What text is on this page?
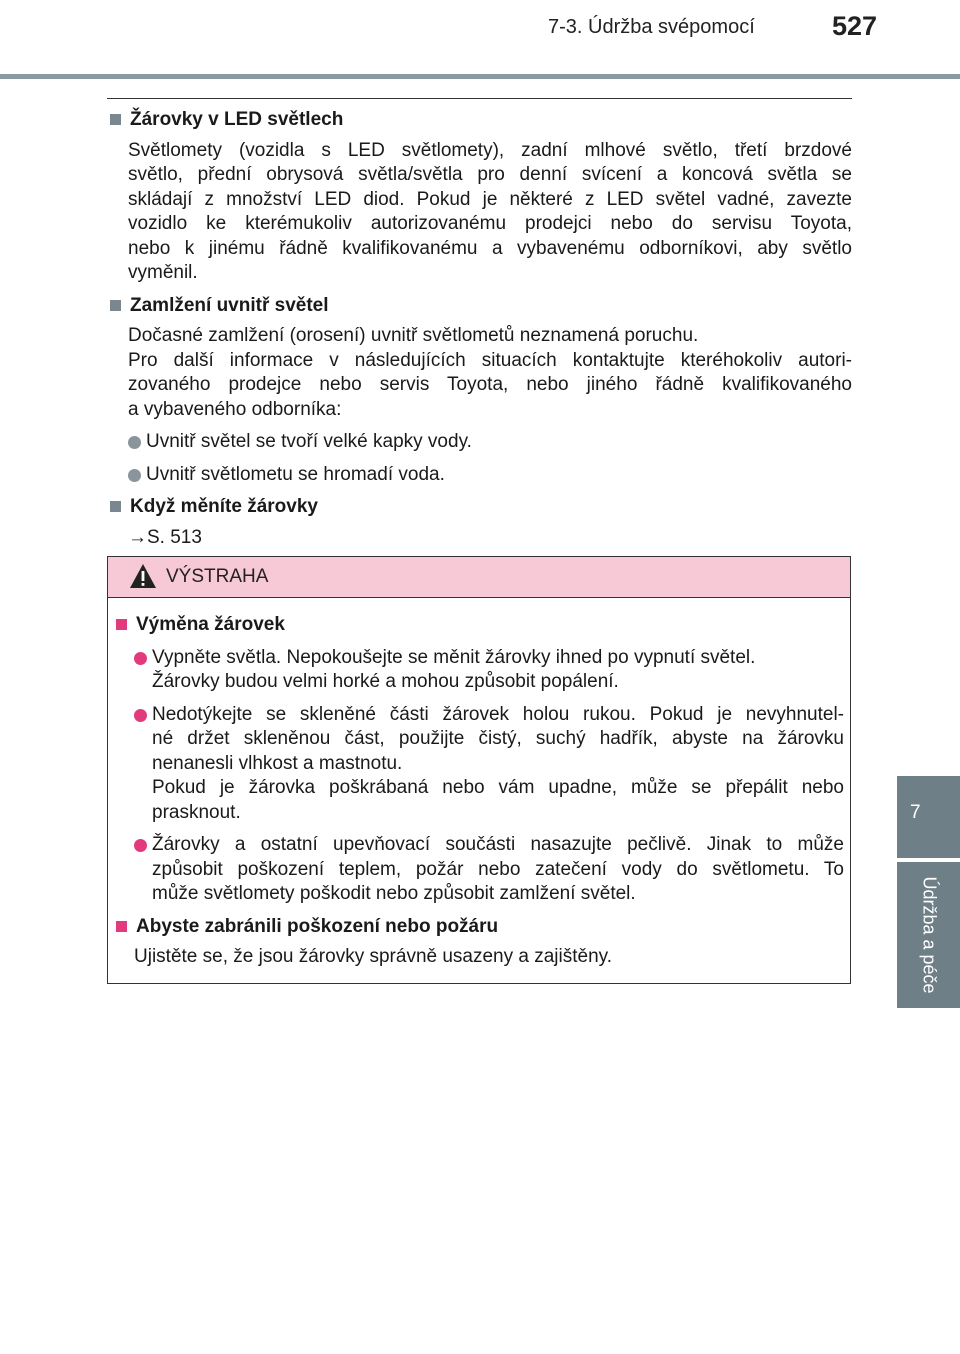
7-3. Údržba svépomocí	527
7
Údržba a péče
Žárovky v LED světlech
Světlomety (vozidla s LED světlomety), zadní mlhové světlo, třetí brzdové
světlo, přední obrysová světla/světla pro denní svícení a koncová světla se
skládají z množství LED diod. Pokud je některé z LED světel vadné, zavezte
vozidlo ke kterémukoliv autorizovanému prodejci nebo do servisu Toyota,
nebo k jinému řádně kvalifikovanému a vybavenému odborníkovi, aby světlo
vyměnil.
Zamlžení uvnitř světel
Dočasné zamlžení (orosení) uvnitř světlometů neznamená poruchu.
Pro další informace v následujících situacích kontaktujte kteréhokoliv autori-
zovaného prodejce nebo servis Toyota, nebo jiného řádně kvalifikovaného
a vybaveného odborníka:
Uvnitř světel se tvoří velké kapky vody.
Uvnitř světlometu se hromadí voda.
Když měníte žárovky
→S. 513
VÝSTRAHA
Výměna žárovek
Vypněte světla. Nepokoušejte se měnit žárovky ihned po vypnutí světel.
Žárovky budou velmi horké a mohou způsobit popálení.
Nedotýkejte se skleněné části žárovek holou rukou. Pokud je nevyhnutel-
né držet skleněnou část, použijte čistý, suchý hadřík, abyste na žárovku
nenanesli vlhkost a mastnotu.
Pokud je žárovka poškrábaná nebo vám upadne, může se přepálit nebo
prasknout.
Žárovky a ostatní upevňovací součásti nasazujte pečlivě. Jinak to může
způsobit poškození teplem, požár nebo zatečení vody do světlometu. To
může světlomety poškodit nebo způsobit zamlžení světel.
Abyste zabránili poškození nebo požáru
Ujistěte se, že jsou žárovky správně usazeny a zajištěny.
